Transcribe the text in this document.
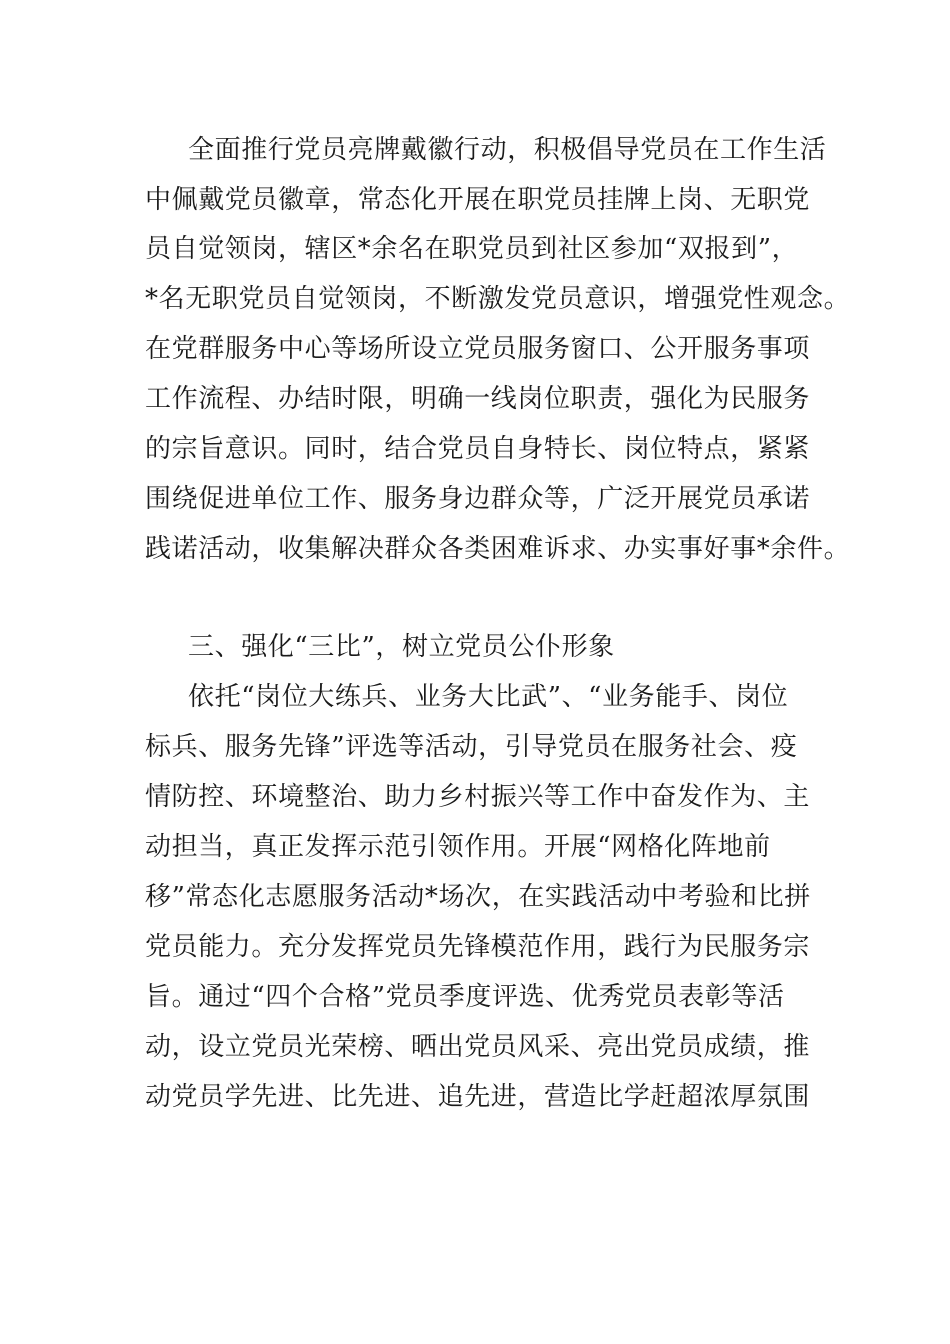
全面推行党员亮牌戴徽行动，积极倡导党员在工作生活
中佩戴党员徽章，常态化开展在职党员挂牌上岗、无职党
员自觉领岗，辖区*余名在职党员到社区参加“双报到”，
*名无职党员自觉领岗，不断激发党员意识，增强党性观念。
在党群服务中心等场所设立党员服务窗口、公开服务事项
工作流程、办结时限，明确一线岗位职责，强化为民服务
的宗旨意识。同时，结合党员自身特长、岗位特点，紧紧
围绕促进单位工作、服务身边群众等，广泛开展党员承诺
践诺活动，收集解决群众各类困难诉求、办实事好事*余件。
三、强化“三比”，树立党员公仆形象
依托“岗位大练兵、业务大比武”、“业务能手、岗位
标兵、服务先锋”评选等活动，引导党员在服务社会、疫
情防控、环境整治、助力乡村振兴等工作中奋发作为、主
动担当，真正发挥示范引领作用。开展“网格化阵地前
移”常态化志愿服务活动*场次，在实践活动中考验和比拼
党员能力。充分发挥党员先锋模范作用，践行为民服务宗
旨。通过“四个合格”党员季度评选、优秀党员表彰等活
动，设立党员光荣榜、晒出党员风采、亮出党员成绩，推
动党员学先进、比先进、追先进，营造比学赶超浓厚氛围
